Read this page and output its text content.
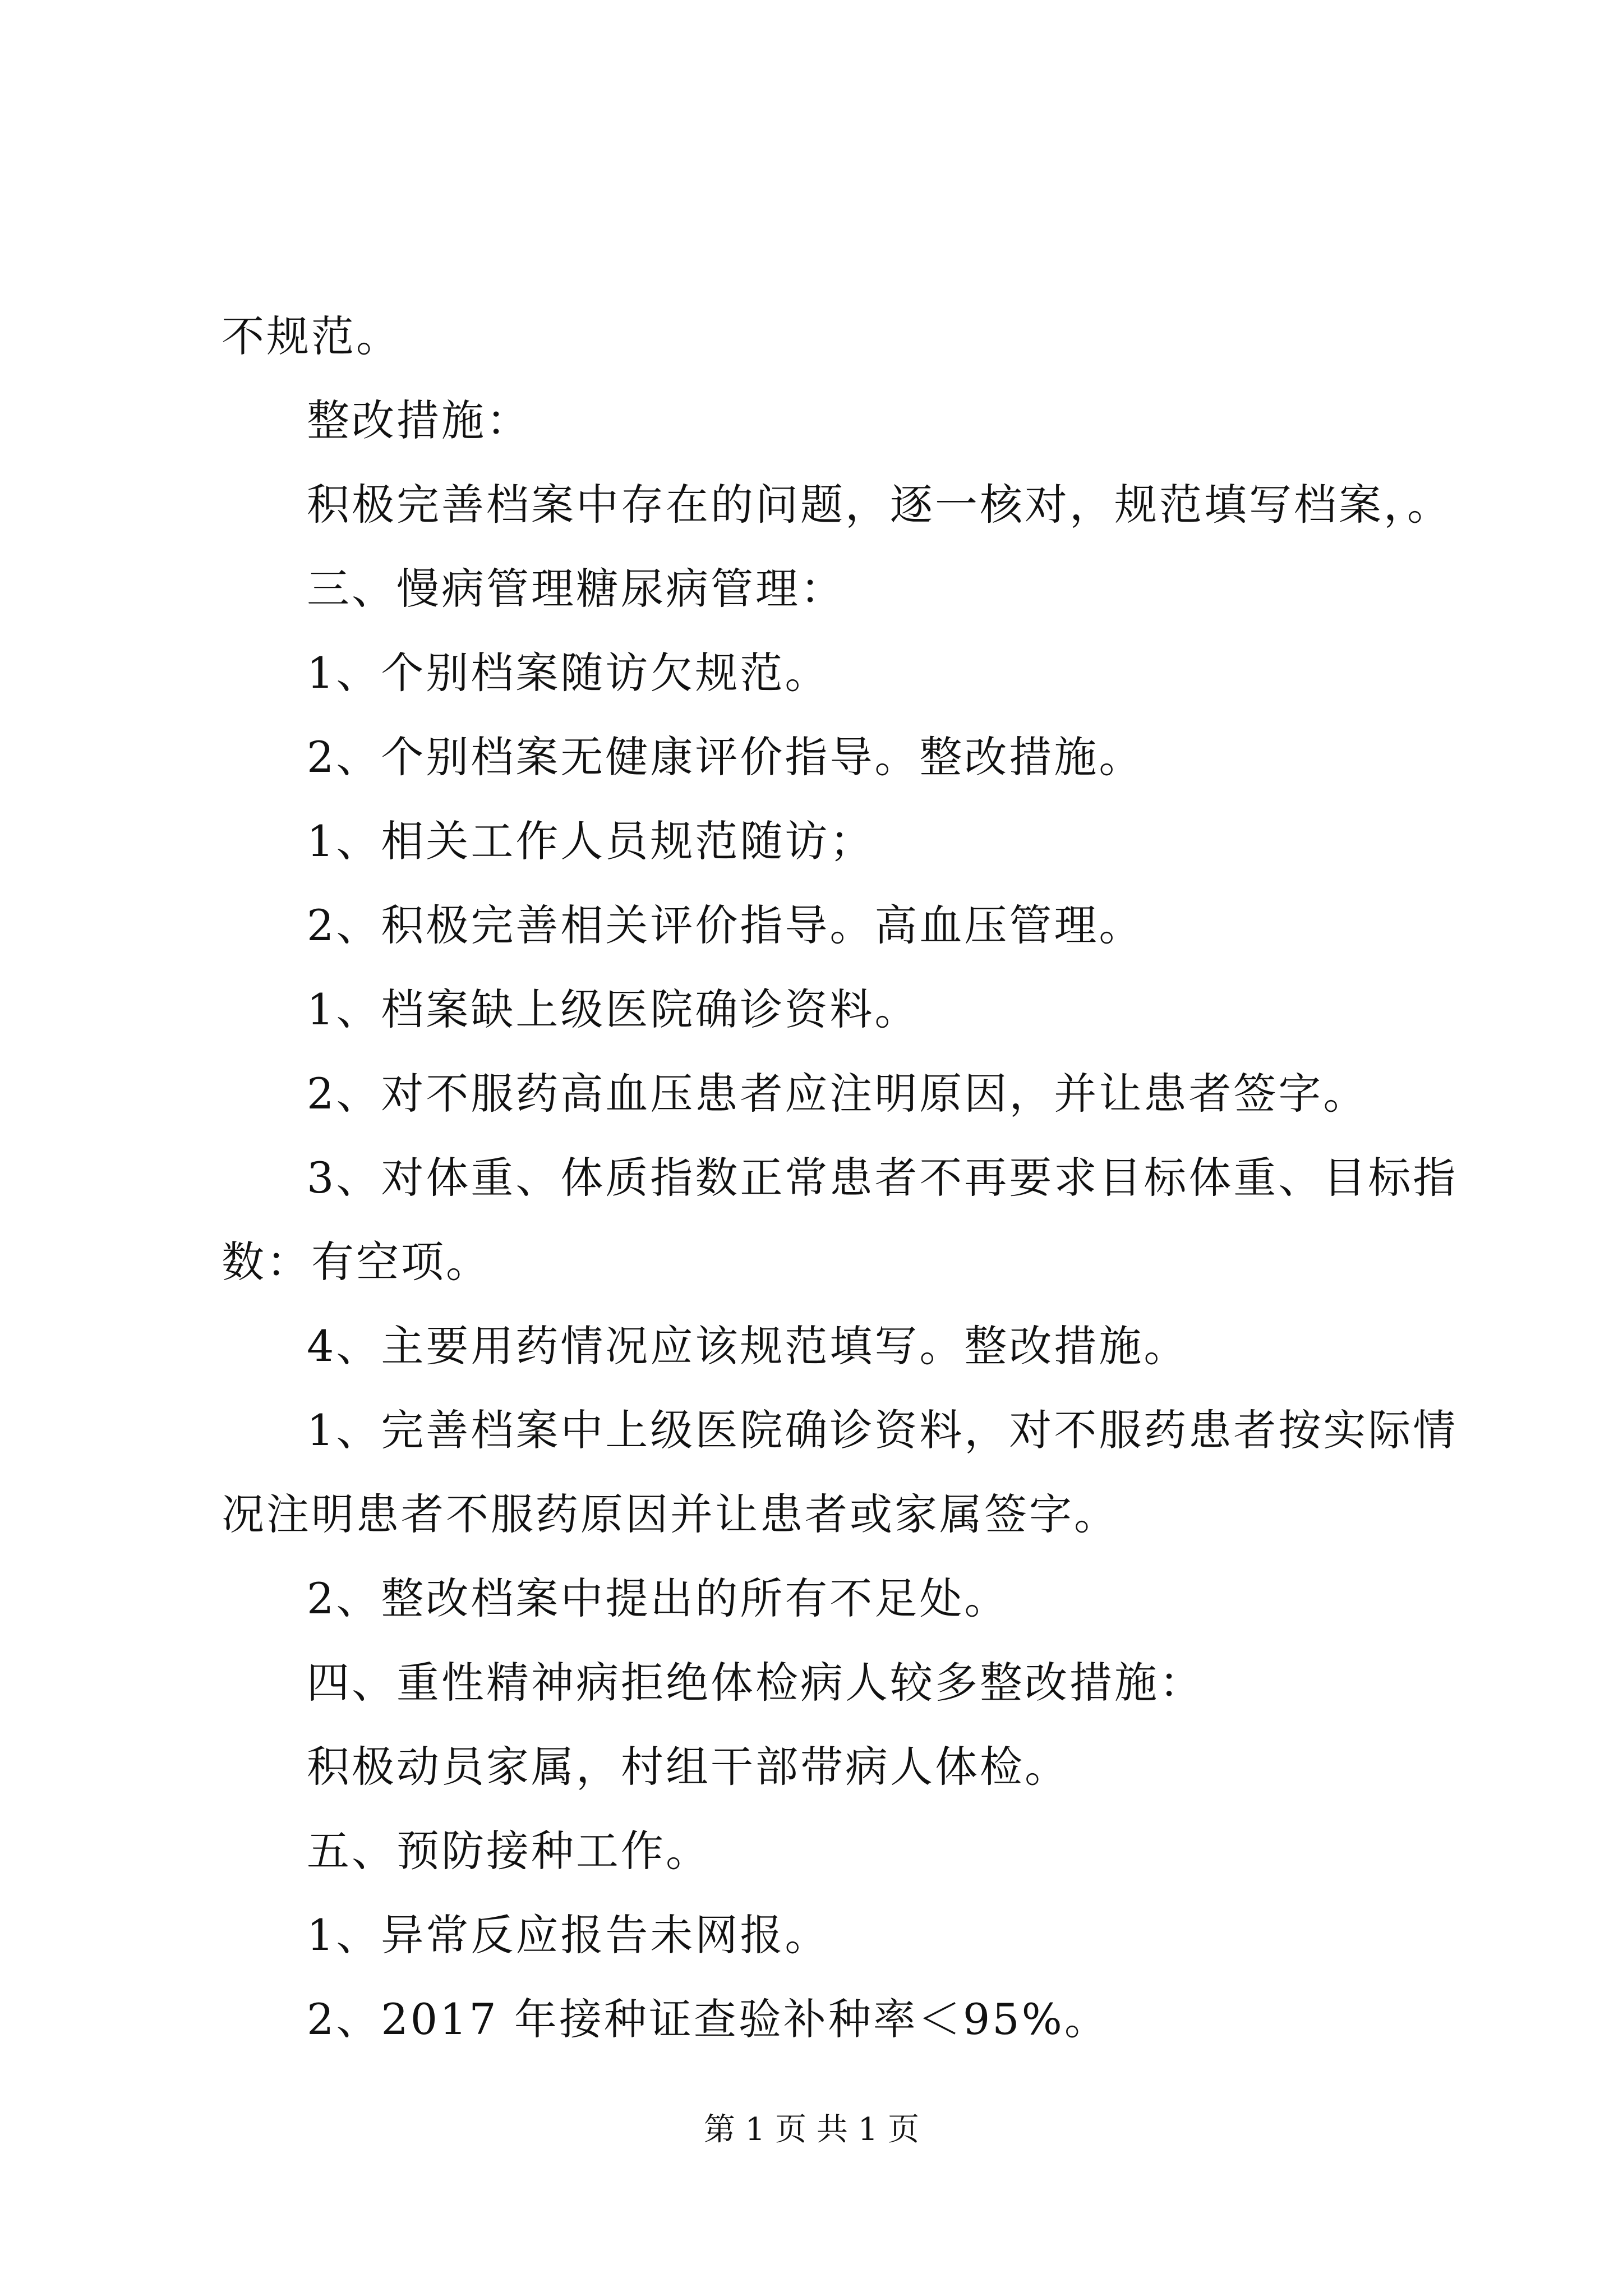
不规范。
整改措施：
积极完善档案中存在的问题，逐一核对，规范填写档案，。
三、慢病管理糖尿病管理：
1、个别档案随访欠规范。
2、个别档案无健康评价指导。整改措施。
1、相关工作人员规范随访；
2、积极完善相关评价指导。高血压管理。
1、档案缺上级医院确诊资料。
2、对不服药高血压患者应注明原因，并让患者签字。
3、对体重、体质指数正常患者不再要求目标体重、目标指
数：有空项。
4、主要用药情况应该规范填写。整改措施。
1、完善档案中上级医院确诊资料，对不服药患者按实际情
况注明患者不服药原因并让患者或家属签字。
2、整改档案中提出的所有不足处。
四、重性精神病拒绝体检病人较多整改措施：
积极动员家属，村组干部带病人体检。
五、预防接种工作。
1、异常反应报告未网报。
2、2017 年接种证查验补种率＜95%。
第 1 页 共 1 页
